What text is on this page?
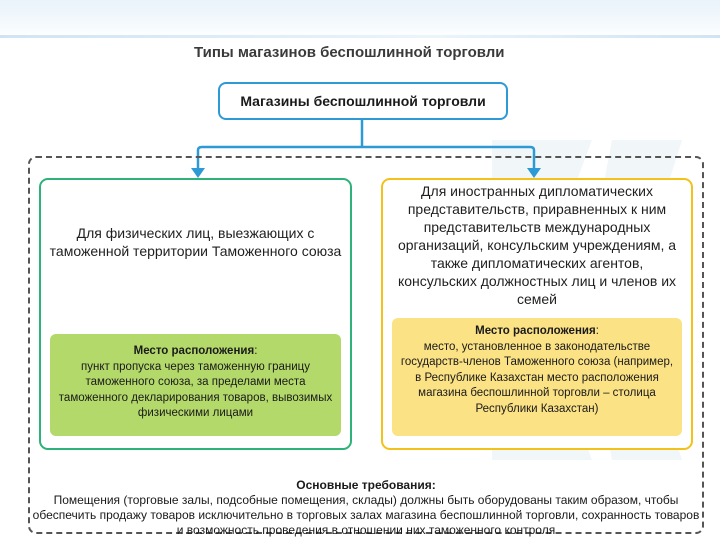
Типы магазинов беспошлинной торговли
Магазины беспошлинной торговли
Для физических лиц, выезжающих с таможенной территории Таможенного союза
Место расположения:
пункт пропуска через таможенную границу таможенного союза, за пределами места таможенного декларирования товаров, вывозимых физическими лицами
Для иностранных дипломатических представительств, приравненных к ним представительств международных организаций, консульским учреждениям, а также дипломатических агентов, консульских должностных лиц и членов их семей
Место расположения:
место, установленное в законодательстве государств-членов Таможенного союза (например, в Республике Казахстан место расположения магазина беспошлинной торговли – столица Республики Казахстан)
Основные требования:
Помещения (торговые залы, подсобные помещения, склады) должны быть оборудованы таким образом, чтобы обеспечить продажу товаров исключительно в торговых залах магазина беспошлинной торговли, сохранность товаров и возможность проведения в отношении них таможенного контроля
